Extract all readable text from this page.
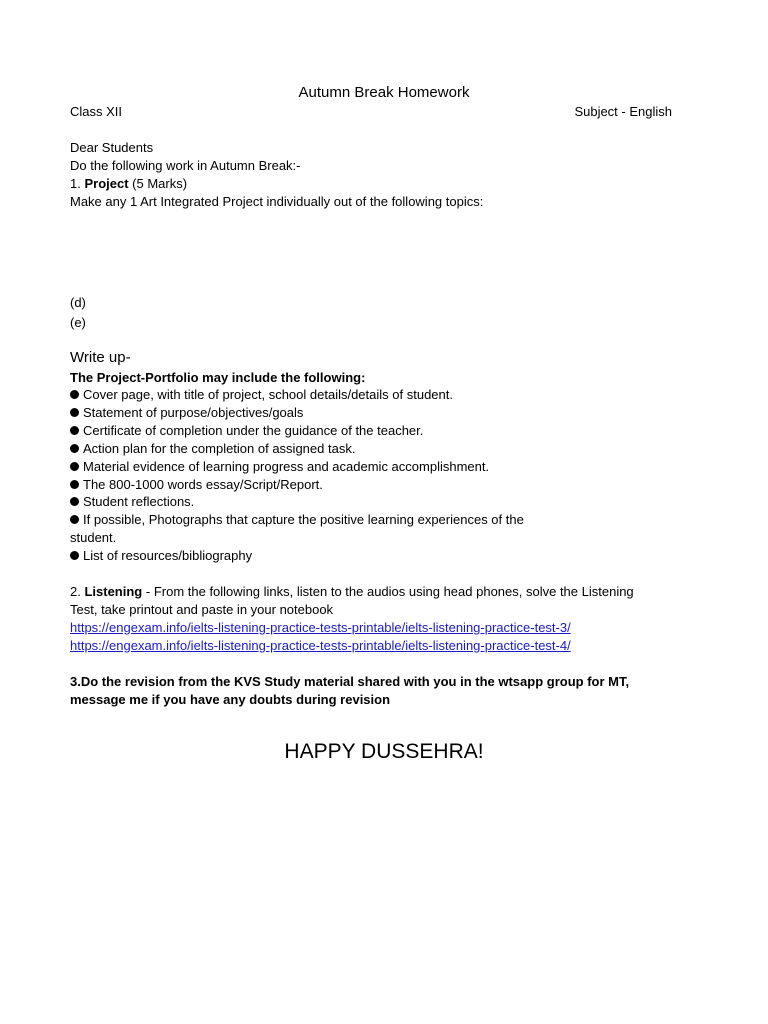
Autumn Break Homework
Class XII	Subject - English
Dear Students
Do the following work in Autumn Break:-
1. Project (5 Marks)
Make any 1 Art Integrated Project individually out of the following topics:
(d)
(e)
Write up-
The Project-Portfolio may include the following:
Cover page, with title of project, school details/details of student.
Statement of purpose/objectives/goals
Certificate of completion under the guidance of the teacher.
Action plan for the completion of assigned task.
Material evidence of learning progress and academic accomplishment.
The 800-1000 words essay/Script/Report.
Student reflections.
If possible, Photographs that capture the positive learning experiences of the
student.
List of resources/bibliography
2. Listening - From the following links, listen to the audios using head phones, solve the Listening
Test, take printout and paste in your notebook
https://engexam.info/ielts-listening-practice-tests-printable/ielts-listening-practice-test-3/
https://engexam.info/ielts-listening-practice-tests-printable/ielts-listening-practice-test-4/
3.Do the revision from the KVS Study material shared with you in the wtsapp group for MT,
message me if you have any doubts during revision
HAPPY DUSSEHRA!
